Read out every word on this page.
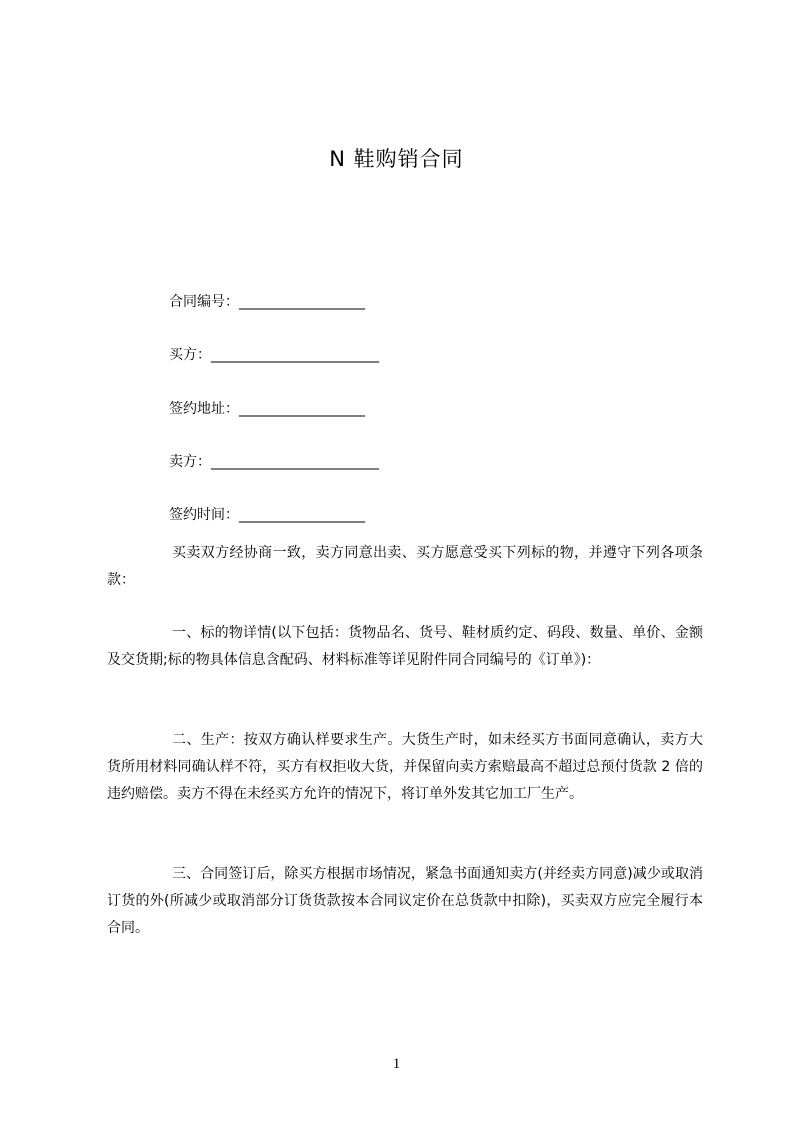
N 鞋购销合同
合同编号：__________________
买方：________________________
签约地址：__________________
卖方：________________________
签约时间：__________________

买卖双方经协商一致，卖方同意出卖、买方愿意受买下列标的物，并遵守下列各项条款：

一、标的物详情(以下包括：货物品名、货号、鞋材质约定、码段、数量、单价、金额及交货期;标的物具体信息含配码、材料标准等详见附件同合同编号的《订单》)：

二、生产：按双方确认样要求生产。大货生产时，如未经买方书面同意确认，卖方大货所用材料同确认样不符，买方有权拒收大货，并保留向卖方索赔最高不超过总预付货款 2 倍的违约赔偿。卖方不得在未经买方允许的情况下，将订单外发其它加工厂生产。

三、合同签订后，除买方根据市场情况，紧急书面通知卖方(并经卖方同意)减少或取消订货的外(所减少或取消部分订货货款按本合同议定价在总货款中扣除)，买卖双方应完全履行本合同。

1
